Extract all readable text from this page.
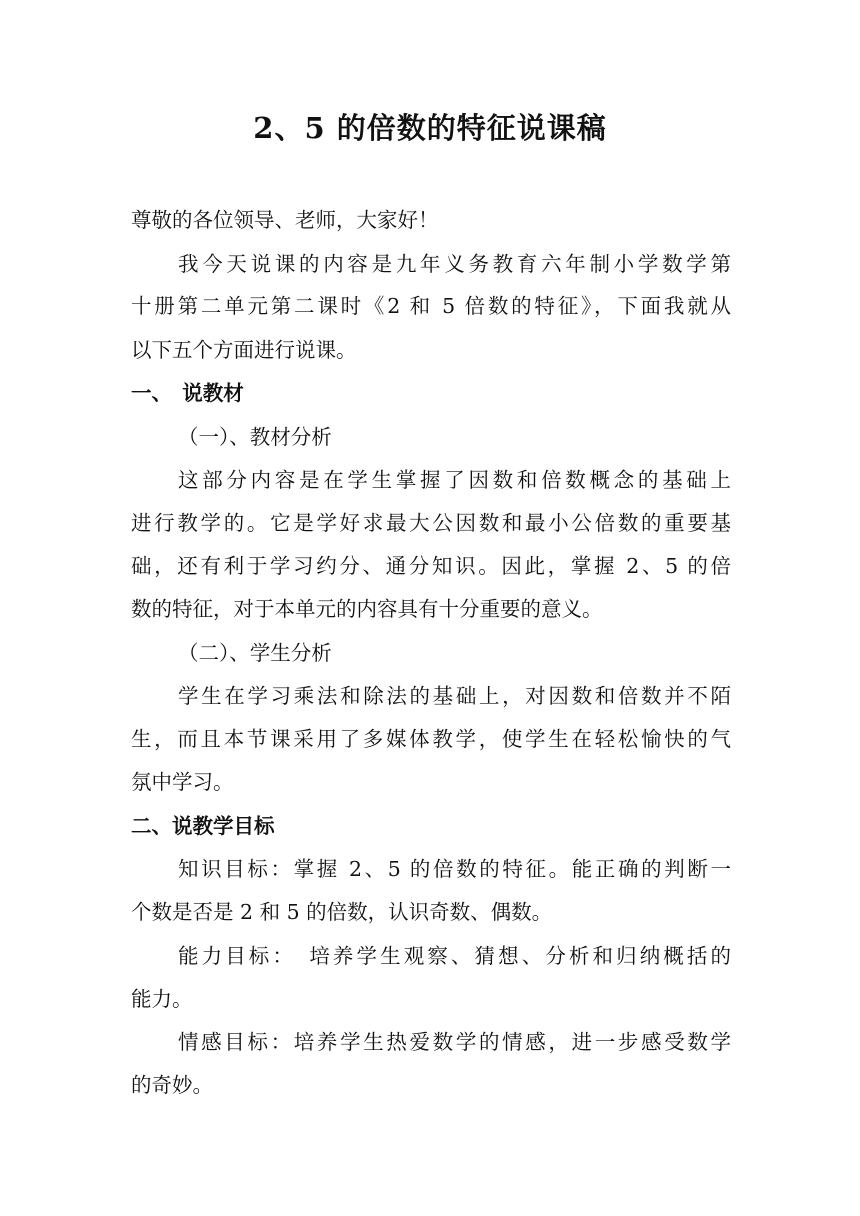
2、5 的倍数的特征说课稿

尊敬的各位领导、老师，大家好！

我今天说课的内容是九年义务教育六年制小学数学第

十册第二单元第二课时《2 和 5 倍数的特征》，下面我就从

以下五个方面进行说课。

一、　说教材

（一）、教材分析

这部分内容是在学生掌握了因数和倍数概念的基础上

进行教学的。它是学好求最大公因数和最小公倍数的重要基

础，还有利于学习约分、通分知识。因此，掌握 2、5 的倍

数的特征，对于本单元的内容具有十分重要的意义。

（二）、学生分析

学生在学习乘法和除法的基础上，对因数和倍数并不陌

生，而且本节课采用了多媒体教学，使学生在轻松愉快的气

氛中学习。

二、说教学目标

知识目标：掌握 2、5 的倍数的特征。能正确的判断一

个数是否是 2 和 5 的倍数，认识奇数、偶数。

能力目标：　培养学生观察、猜想、分析和归纳概括的

能力。

情感目标：培养学生热爱数学的情感，进一步感受数学

的奇妙。
